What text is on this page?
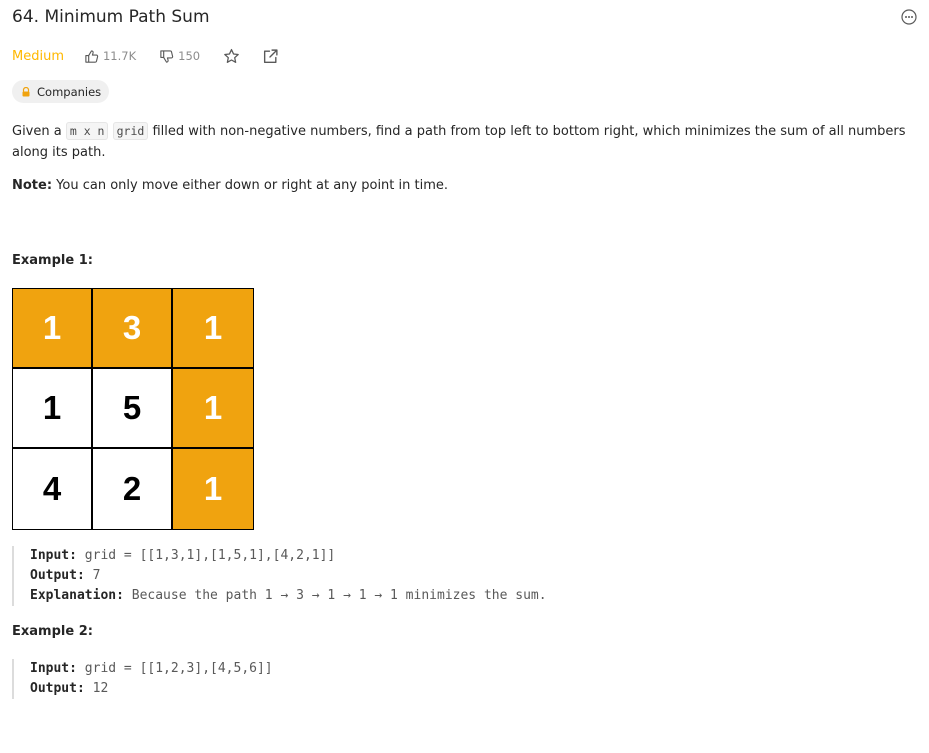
64. Minimum Path Sum
Medium	11.7K	150
Companies

Given a m x n grid filled with non-negative numbers, find a path from top left to bottom right, which minimizes the sum of all numbers along its path.

Note: You can only move either down or right at any point in time.
Example 1:
1	3	1
1	5	1
4	2	1
Input: grid = [[1,3,1],[1,5,1],[4,2,1]]
Output: 7
Explanation: Because the path 1 → 3 → 1 → 1 → 1 minimizes the sum.
Example 2:
Input: grid = [[1,2,3],[4,5,6]]
Output: 12
